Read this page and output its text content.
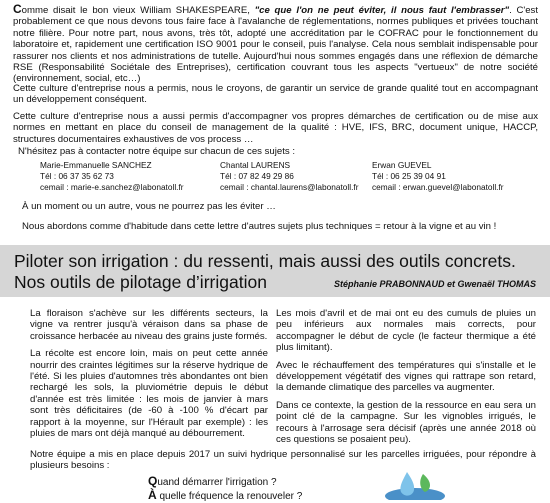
Comme disait le bon vieux William SHAKESPEARE, "ce que l'on ne peut éviter, il nous faut l'embrasser". C'est probablement ce que nous devons tous faire face à l'avalanche de réglementations, normes publiques et privées touchant notre filière. Pour notre part, nous avons, très tôt, adopté une accréditation par le COFRAC pour le fonctionnement du laboratoire et, rapidement une certification ISO 9001 pour le conseil, puis l'analyse. Cela nous semblait indispensable pour rassurer nos clients et nos administrations de tutelle. Aujourd'hui nous sommes engagés dans une réflexion de démarche RSE (Responsabilité Sociétale des Entreprises), certification couvrant tous les aspects "vertueux" de notre société (environnement, social, etc…)

Cette culture d'entreprise nous a permis, nous le croyons, de garantir un service de grande qualité tout en accompagnant un développement conséquent.

Cette culture d'entreprise nous a aussi permis d'accompagner vos propres démarches de certification ou de mise aux normes en mettant en place du conseil de management de la qualité : HVE, IFS, BRC, document unique, HACCP, structures documentaires exhaustives de vos process …

N'hésitez pas à contacter notre équipe sur chacun de ces sujets :

Marie-Emmanuelle SANCHEZ
Tél : 06 37 35 62 73
cemail : marie-e.sanchez@labonatoll.fr
Chantal LAURENS
Tél : 07 82 49 29 86
cemail : chantal.laurens@labonatoll.fr
Erwan GUEVEL
Tél : 06 25 39 04 91
cemail : erwan.guevel@labonatoll.fr

À un moment ou un autre, vous ne pourrez pas les éviter …

Nous abordons comme d'habitude dans cette lettre d'autres sujets plus techniques = retour à la vigne et au vin !

Piloter son irrigation : du ressenti, mais aussi des outils concrets.
Nos outils de pilotage d’irrigation	Stéphanie PRABONNAUD et Gwenaël THOMAS

La floraison s'achève sur les différents secteurs, la vigne va rentrer jusqu'à véraison dans sa phase de croissance herbacée au niveau des grains juste formés.

La récolte est encore loin, mais on peut cette année nourrir des craintes légitimes sur la réserve hydrique de l'été. Si les pluies d'automnes très abondantes ont bien rechargé les sols, la pluviométrie depuis le début d'année est très limitée : les mois de janvier à mars sont très déficitaires (de -60 à -100 % d'écart par rapport à la moyenne, sur l'Hérault par exemple) : les pluies de mars ont déjà manqué au débourrement.

Les mois d'avril et de mai ont eu des cumuls de pluies un peu inférieurs aux normales mais corrects, pour accompagner le début de cycle (le facteur thermique a été plus limitant).

Avec le réchauffement des températures qui s'installe et le développement végétatif des vignes qui rattrape son retard, la demande climatique des parcelles va augmenter.

Dans ce contexte, la gestion de la ressource en eau sera un point clé de la campagne. Sur les vignobles irrigués, le recours à l'arrosage sera décisif (après une année 2018 où ces questions se posaient peu).

Notre équipe a mis en place depuis 2017 un suivi hydrique personnalisé sur les parcelles irriguées, pour répondre à plusieurs besoins :

Quand démarrer l'irrigation ?
À quelle fréquence la renouveler ?
